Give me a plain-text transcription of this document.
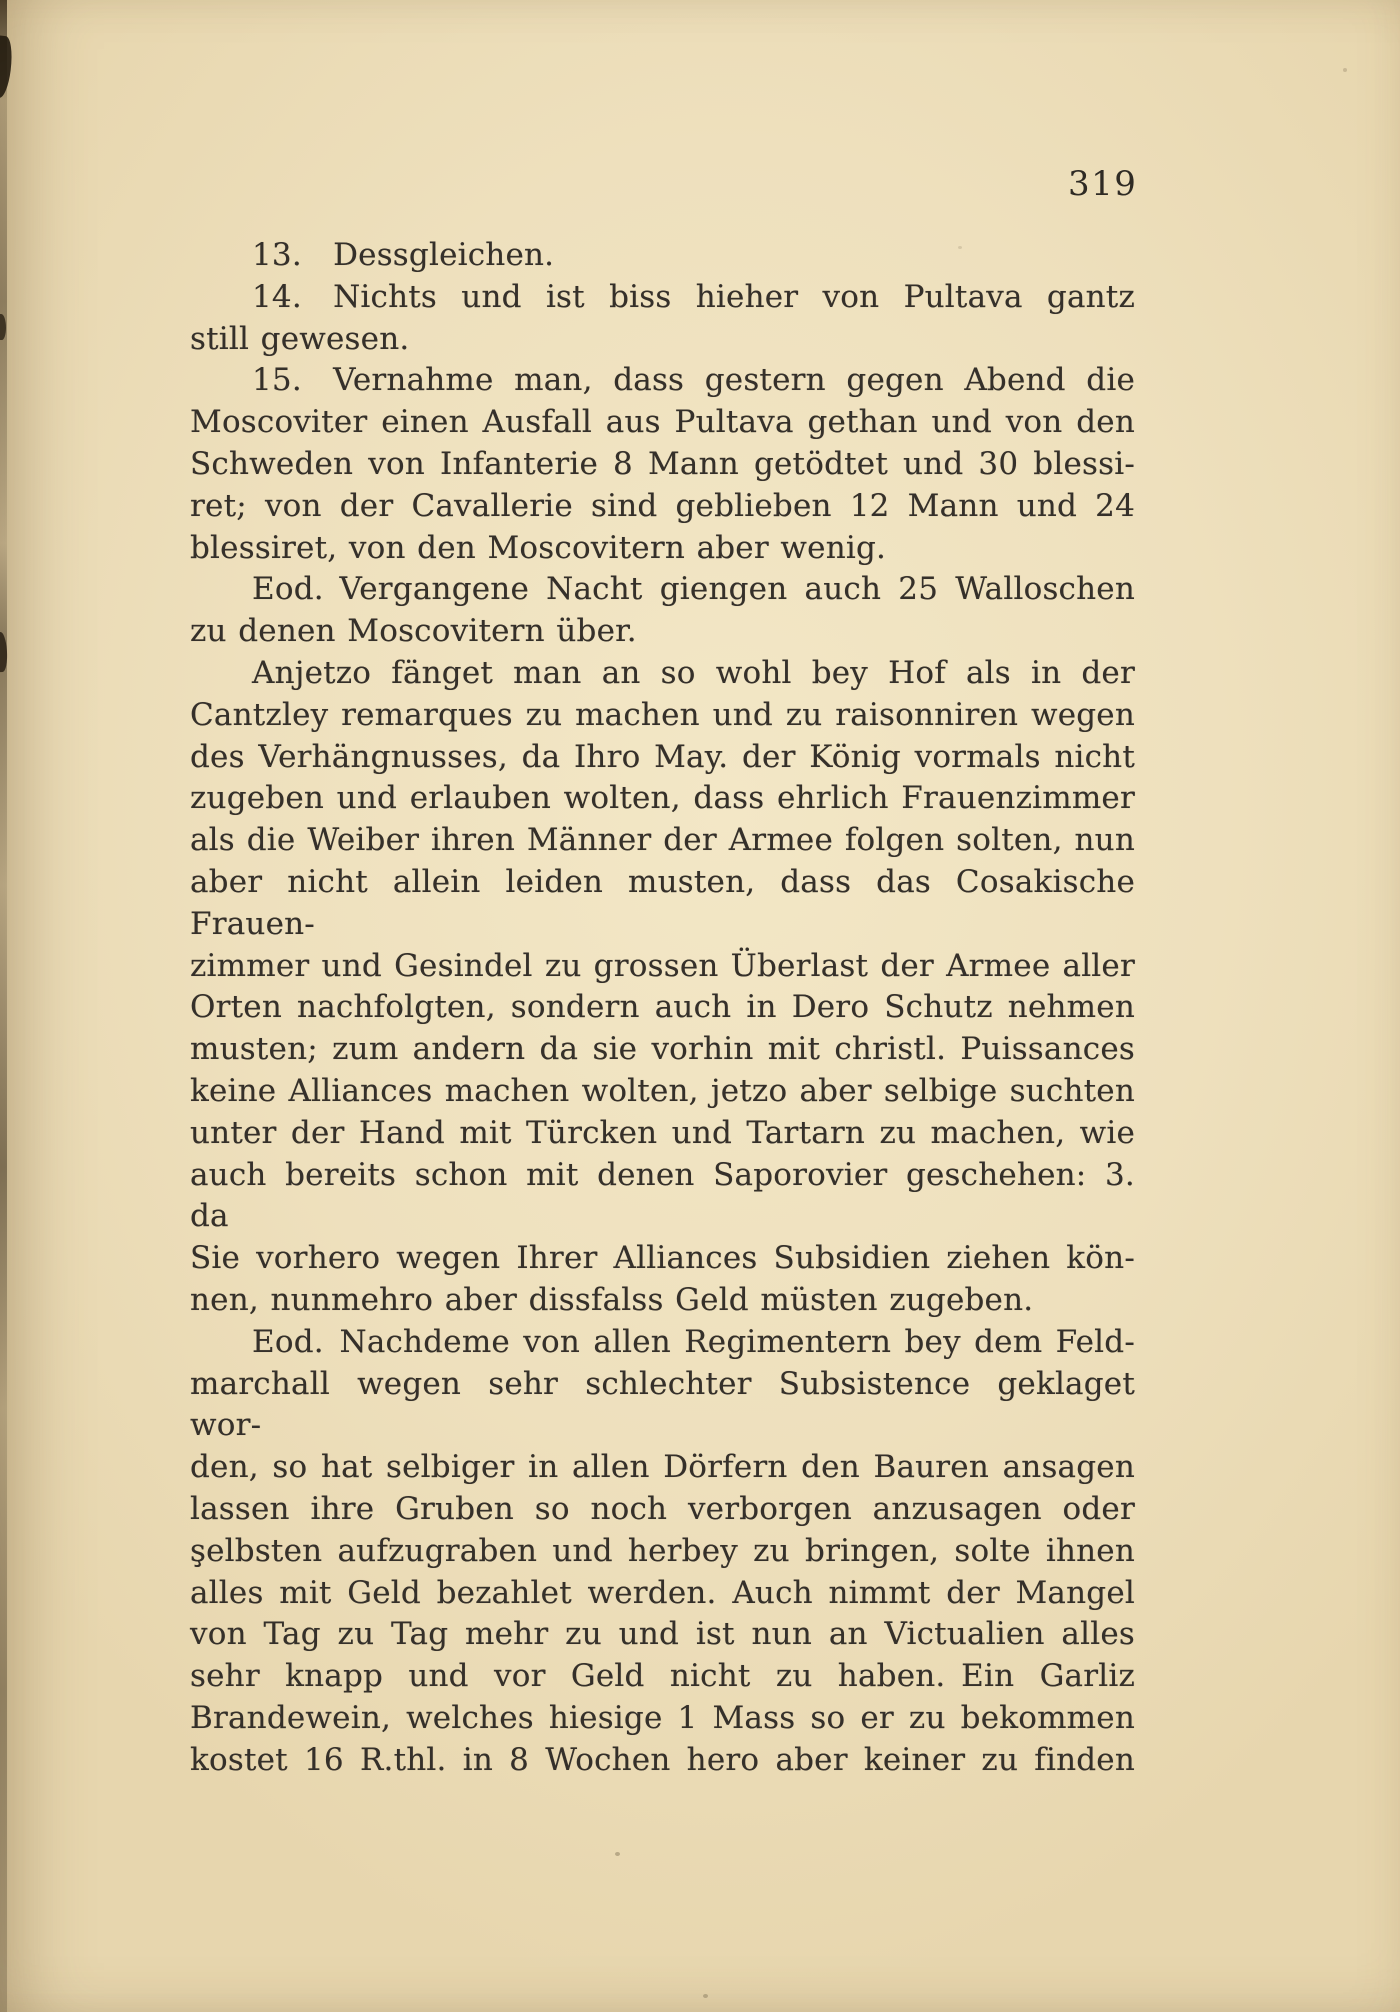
319
13. Dessgleichen.
14. Nichts und ist biss hieher von Pultava gantz
still gewesen.
15. Vernahme man, dass gestern gegen Abend die
Moscoviter einen Ausfall aus Pultava gethan und von den
Schweden von Infanterie 8 Mann getödtet und 30 blessi-
ret; von der Cavallerie sind geblieben 12 Mann und 24
blessiret, von den Moscovitern aber wenig.
Eod. Vergangene Nacht giengen auch 25 Walloschen
zu denen Moscovitern über.
Anjetzo fänget man an so wohl bey Hof als in der
Cantzley remarques zu machen und zu raisonniren wegen
des Verhängnusses, da Ihro May. der König vormals nicht
zugeben und erlauben wolten, dass ehrlich Frauenzimmer
als die Weiber ihren Männer der Armee folgen solten, nun
aber nicht allein leiden musten, dass das Cosakische Frauen-
zimmer und Gesindel zu grossen Überlast der Armee aller
Orten nachfolgten, sondern auch in Dero Schutz nehmen
musten; zum andern da sie vorhin mit christl. Puissances
keine Alliances machen wolten, jetzo aber selbige suchten
unter der Hand mit Türcken und Tartarn zu machen, wie
auch bereits schon mit denen Saporovier geschehen: 3. da
Sie vorhero wegen Ihrer Alliances Subsidien ziehen kön-
nen, nunmehro aber dissfalss Geld müsten zugeben.
Eod. Nachdeme von allen Regimentern bey dem Feld-
marchall wegen sehr schlechter Subsistence geklaget wor-
den, so hat selbiger in allen Dörfern den Bauren ansagen
lassen ihre Gruben so noch verborgen anzusagen oder
şelbsten aufzugraben und herbey zu bringen, solte ihnen
alles mit Geld bezahlet werden. Auch nimmt der Mangel
von Tag zu Tag mehr zu und ist nun an Victualien alles
sehr knapp und vor Geld nicht zu haben. Ein Garliz
Brandewein, welches hiesige 1 Mass so er zu bekommen
kostet 16 R.thl. in 8 Wochen hero aber keiner zu finden
